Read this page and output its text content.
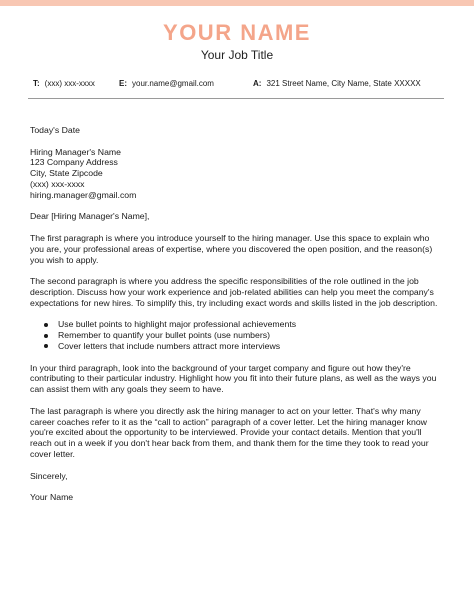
YOUR NAME
Your Job Title
T: (xxx) xxx-xxxx	E: your.name@gmail.com	A: 321 Street Name, City Name, State XXXXX

Today's Date

Hiring Manager's Name

123 Company Address

City, State Zipcode

(xxx) xxx-xxxx

hiring.manager@gmail.com

Dear [Hiring Manager's Name],

The first paragraph is where you introduce yourself to the hiring manager. Use this space to explain who you are, your professional areas of expertise, where you discovered the open position, and the reason(s) you wish to apply.

The second paragraph is where you address the specific responsibilities of the role outlined in the job description. Discuss how your work experience and job-related abilities can help you meet the company's expectations for new hires. To simplify this, try including exact words and skills listed in the job description.

Use bullet points to highlight major professional achievements
Remember to quantify your bullet points (use numbers)
Cover letters that include numbers attract more interviews

In your third paragraph, look into the background of your target company and figure out how they're contributing to their particular industry. Highlight how you fit into their future plans, as well as the ways you can assist them with any goals they seem to have.

The last paragraph is where you directly ask the hiring manager to act on your letter. That's why many career coaches refer to it as the “call to action” paragraph of a cover letter. Let the hiring manager know you're excited about the opportunity to be interviewed. Provide your contact details. Mention that you'll reach out in a week if you don't hear back from them, and thank them for the time they took to read your cover letter.

Sincerely,

Your Name
